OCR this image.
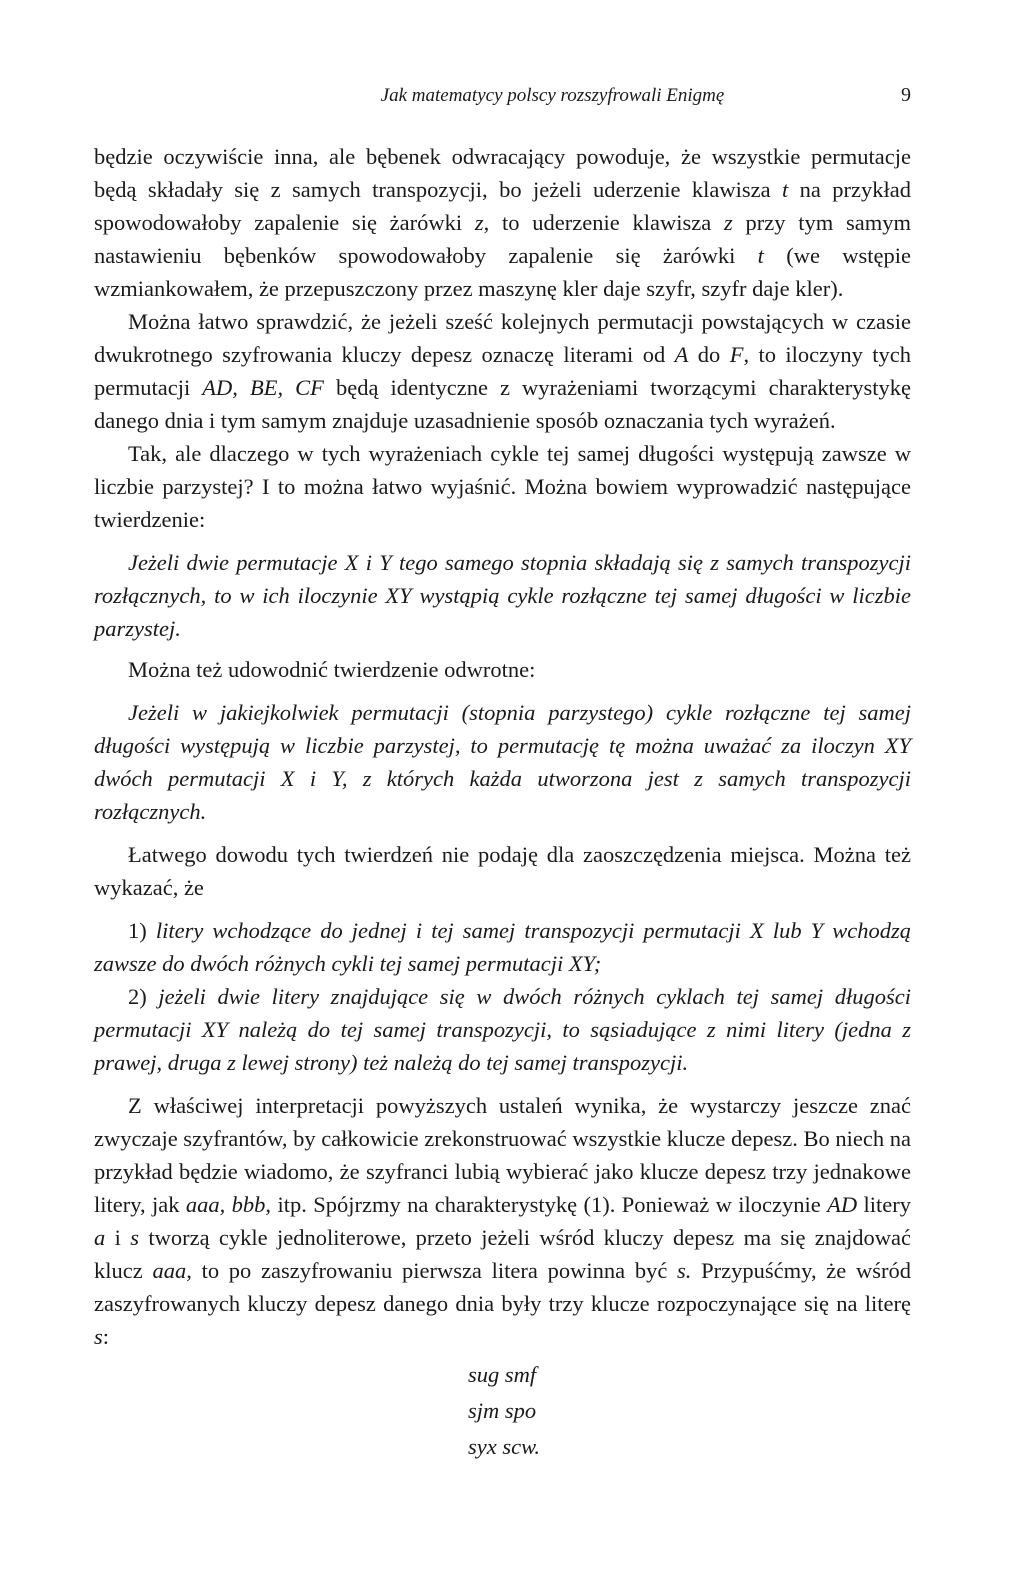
Jak matematycy polscy rozszyfrowali Enigmę	9

będzie oczywiście inna, ale bębenek odwracający powoduje, że wszystkie permutacje będą składały się z samych transpozycji, bo jeżeli uderzenie klawisza t na przykład spowodowałoby zapalenie się żarówki z, to uderzenie klawisza z przy tym samym nastawieniu bębenków spowodowałoby zapalenie się żarówki t (we wstępie wzmiankowałem, że przepuszczony przez maszynę kler daje szyfr, szyfr daje kler).

Można łatwo sprawdzić, że jeżeli sześć kolejnych permutacji powstających w czasie dwukrotnego szyfrowania kluczy depesz oznaczę literami od A do F, to iloczyny tych permutacji AD, BE, CF będą identyczne z wyrażeniami tworzącymi charakterystykę danego dnia i tym samym znajduje uzasadnienie sposób oznaczania tych wyrażeń.

Tak, ale dlaczego w tych wyrażeniach cykle tej samej długości występują zawsze w liczbie parzystej? I to można łatwo wyjaśnić. Można bowiem wyprowadzić następujące twierdzenie:

Jeżeli dwie permutacje X i Y tego samego stopnia składają się z samych transpozycji rozłącznych, to w ich iloczynie XY wystąpią cykle rozłączne tej samej długości w liczbie parzystej.

Można też udowodnić twierdzenie odwrotne:

Jeżeli w jakiejkolwiek permutacji (stopnia parzystego) cykle rozłączne tej samej długości występują w liczbie parzystej, to permutację tę można uważać za iloczyn XY dwóch permutacji X i Y, z których każda utworzona jest z samych transpozycji rozłącznych.

Łatwego dowodu tych twierdzeń nie podaję dla zaoszczędzenia miejsca. Można też wykazać, że

1) litery wchodzące do jednej i tej samej transpozycji permutacji X lub Y wchodzą zawsze do dwóch różnych cykli tej samej permutacji XY;

2) jeżeli dwie litery znajdujące się w dwóch różnych cyklach tej samej długości permutacji XY należą do tej samej transpozycji, to sąsiadujące z nimi litery (jedna z prawej, druga z lewej strony) też należą do tej samej transpozycji.

Z właściwej interpretacji powyższych ustaleń wynika, że wystarczy jeszcze znać zwyczaje szyfrantów, by całkowicie zrekonstruować wszystkie klucze depesz. Bo niech na przykład będzie wiadomo, że szyfranci lubią wybierać jako klucze depesz trzy jednakowe litery, jak aaa, bbb, itp. Spójrzmy na charakterystykę (1). Ponieważ w iloczynie AD litery a i s tworzą cykle jednoliterowe, przeto jeżeli wśród kluczy depesz ma się znajdować klucz aaa, to po zaszyfrowaniu pierwsza litera powinna być s. Przypuśćmy, że wśród zaszyfrowanych kluczy depesz danego dnia były trzy klucze rozpoczynające się na literę s:

sug smf
sjm spo
syx scw.
